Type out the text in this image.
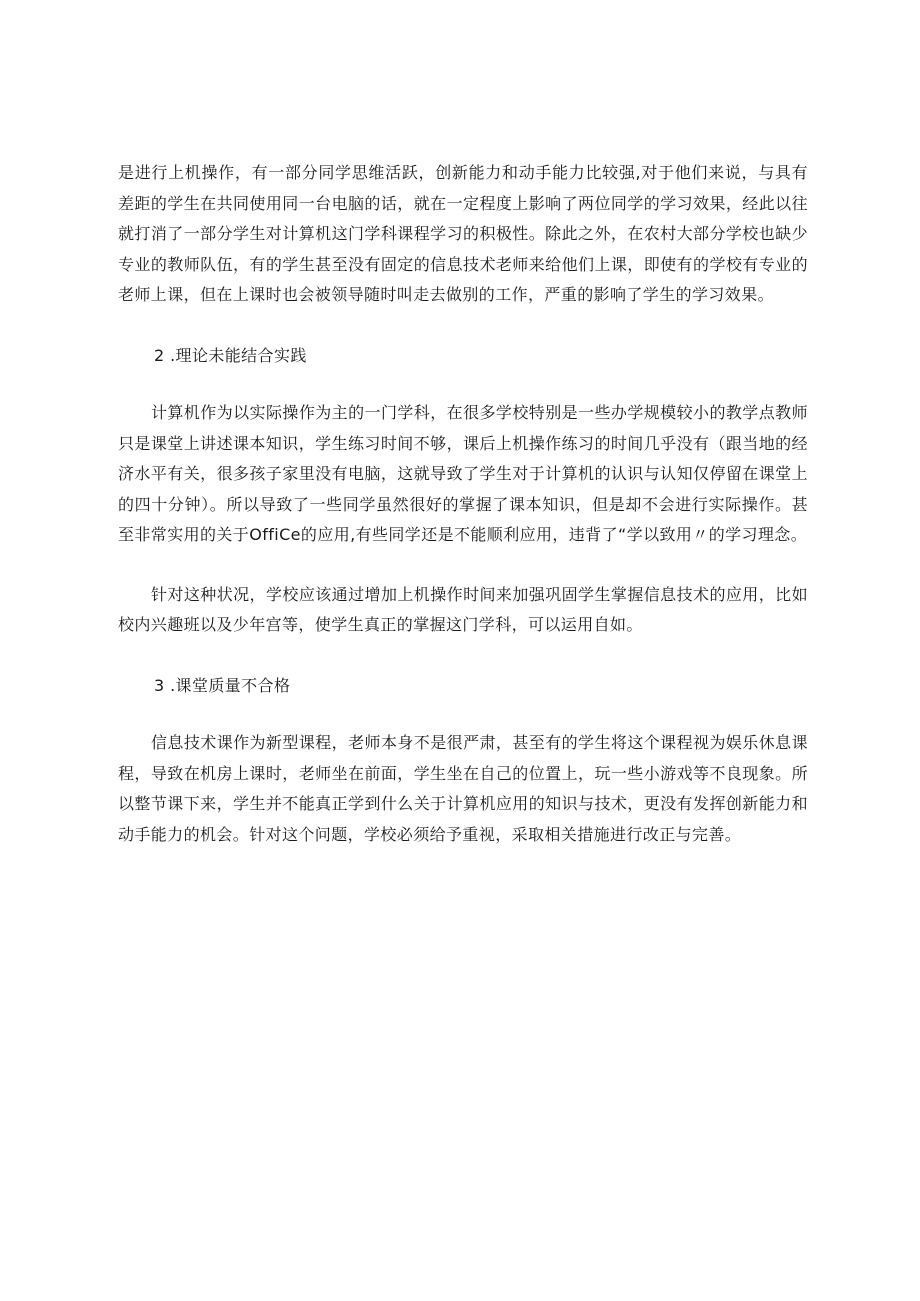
是进行上机操作，有一部分同学思维活跃，创新能力和动手能力比较强,对于他们来说，与具有差距的学生在共同使用同一台电脑的话，就在一定程度上影响了两位同学的学习效果，经此以往就打消了一部分学生对计算机这门学科课程学习的积极性。除此之外，在农村大部分学校也缺少专业的教师队伍，有的学生甚至没有固定的信息技术老师来给他们上课，即使有的学校有专业的老师上课，但在上课时也会被领导随时叫走去做别的工作，严重的影响了学生的学习效果。

2 .理论未能结合实践

计算机作为以实际操作为主的一门学科，在很多学校特别是一些办学规模较小的教学点教师只是课堂上讲述课本知识，学生练习时间不够，课后上机操作练习的时间几乎没有（跟当地的经济水平有关，很多孩子家里没有电脑，这就导致了学生对于计算机的认识与认知仅停留在课堂上的四十分钟）。所以导致了一些同学虽然很好的掌握了课本知识，但是却不会进行实际操作。甚至非常实用的关于OffiCe的应用,有些同学还是不能顺利应用，违背了“学以致用〃的学习理念。

针对这种状况，学校应该通过增加上机操作时间来加强巩固学生掌握信息技术的应用，比如校内兴趣班以及少年宫等，使学生真正的掌握这门学科，可以运用自如。

3 .课堂质量不合格

信息技术课作为新型课程，老师本身不是很严肃，甚至有的学生将这个课程视为娱乐休息课程，导致在机房上课时，老师坐在前面，学生坐在自己的位置上，玩一些小游戏等不良现象。所以整节课下来，学生并不能真正学到什么关于计算机应用的知识与技术，更没有发挥创新能力和动手能力的机会。针对这个问题，学校必须给予重视，采取相关措施进行改正与完善。
